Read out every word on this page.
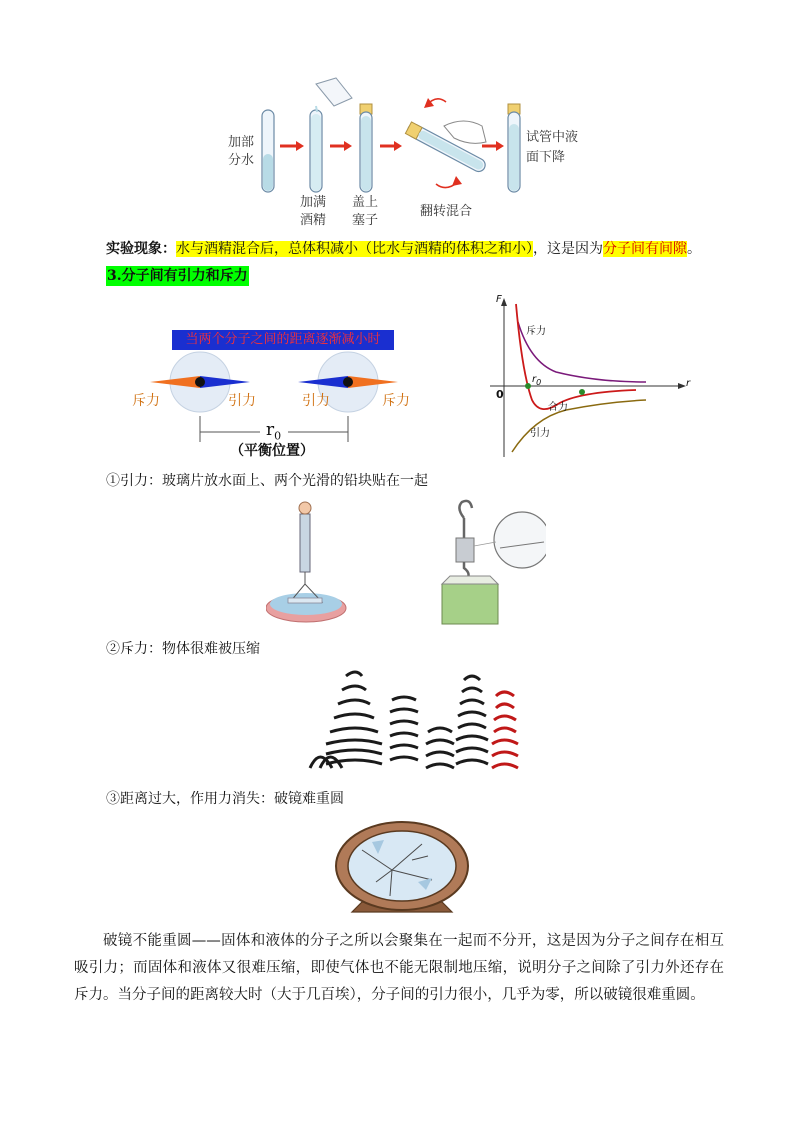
加部
分水
加满
酒精
盖上
塞子
翻转混合
试管中液
面下降
实验现象：水与酒精混合后，总体积减小（比水与酒精的体积之和小），这是因为分子间有间隙。
3.分子间有引力和斥力
当两个分子之间的距离逐渐减小时
斥力	引力	引力	斥力
$r_0$
（平衡位置）
F
r
0
$r_0$
斥力
合力
引力
①引力：玻璃片放水面上、两个光滑的铅块贴在一起
②斥力：物体很难被压缩
③距离过大，作用力消失：破镜难重圆
破镜不能重圆——固体和液体的分子之所以会聚集在一起而不分开，这是因为分子之间存在相互吸引力；而固体和液体又很难压缩，即使气体也不能无限制地压缩，说明分子之间除了引力外还存在斥力。当分子间的距离较大时（大于几百埃），分子间的引力很小，几乎为零，所以破镜很难重圆。
